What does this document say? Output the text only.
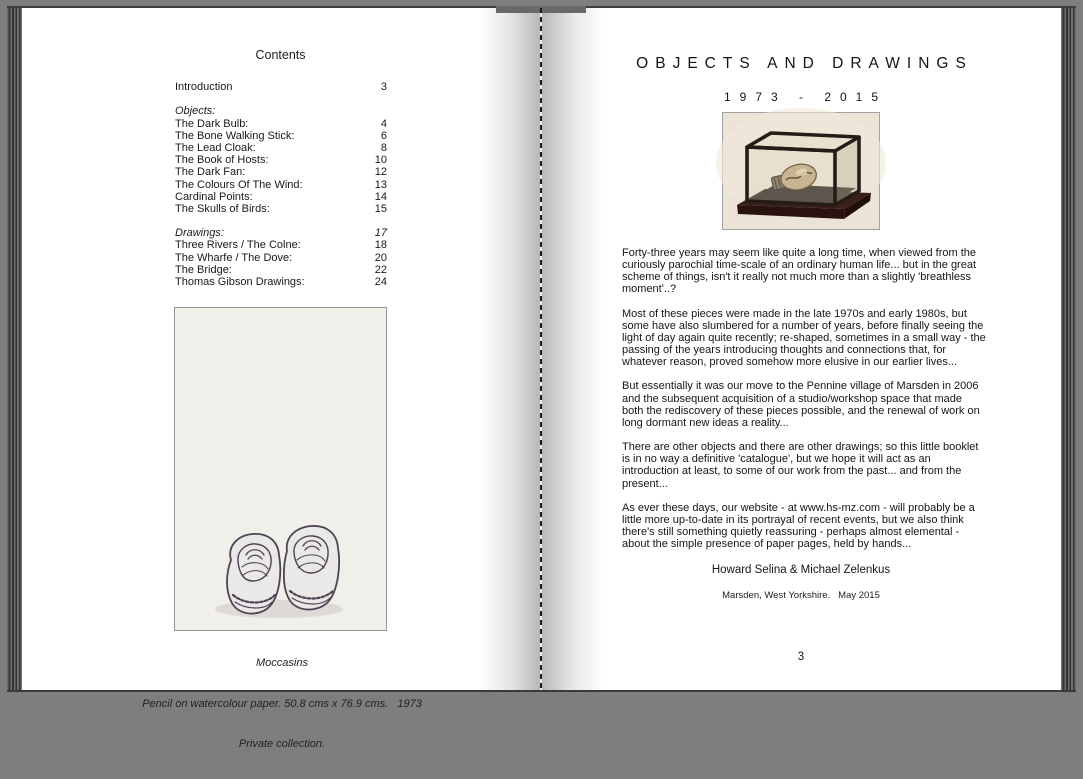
Contents
Introduction	3
Objects:
The Dark Bulb:	4
The Bone Walking Stick:	6
The Lead Cloak:	8
The Book of Hosts:	10
The Dark Fan:	12
The Colours Of The Wind:	13
Cardinal Points:	14
The Skulls of Birds:	15
Drawings:	17
Three Rivers / The Colne:	18
The Wharfe / The Dove:	20
The Bridge:	22
Thomas Gibson Drawings:	24

Moccasins

Pencil on watercolour paper. 50.8 cms x 76.9 cms.   1973

Private collection.

OBJECTS AND DRAWINGS
1973 - 2015

Forty-three years may seem like quite a long time, when viewed from the curiously parochial time-scale of an ordinary human life... but in the great scheme of things, isn't it really not much more than a slightly 'breathless moment'..?

Most of these pieces were made in the late 1970s and early 1980s, but some have also slumbered for a number of years, before finally seeing the light of day again quite recently; re-shaped, sometimes in a small way - the passing of the years introducing thoughts and connections that, for whatever reason, proved somehow more elusive in our earlier lives...

But essentially it was our move to the Pennine village of Marsden in 2006 and the subsequent acquisition of a studio/workshop space that made both the rediscovery of these pieces possible, and the renewal of work on long dormant new ideas a reality...

There are other objects and there are other drawings; so this little booklet is in no way a definitive 'catalogue', but we hope it will act as an introduction at least, to some of our work from the past... and from the present...

As ever these days, our website - at www.hs-mz.com - will probably be a little more up-to-date in its portrayal of recent events, but we also think there's still something quietly reassuring - perhaps almost elemental - about the simple presence of paper pages, held by hands...

Howard Selina & Michael Zelenkus
Marsden, West Yorkshire.   May 2015
3
